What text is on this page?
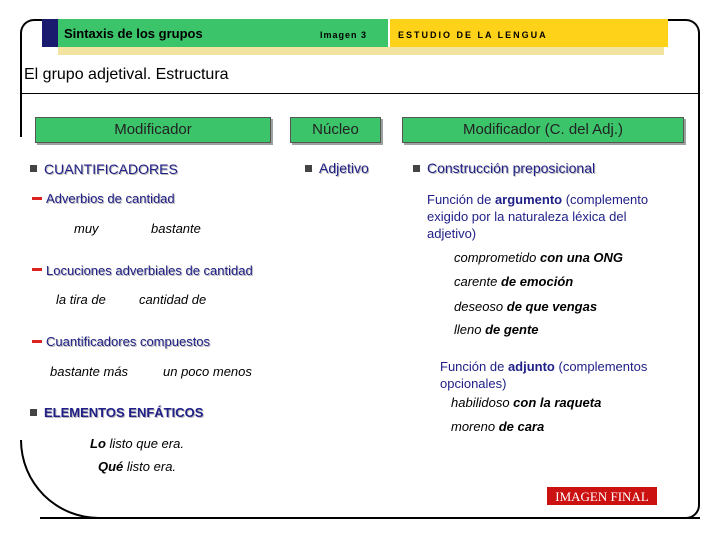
Sintaxis de los grupos	Imagen 3	ESTUDIO DE LA LENGUA
El grupo adjetival. Estructura
Modificador	Núcleo	Modificador (C. del Adj.)
CUANTIFICADORES
Adverbios de cantidad
muy	bastante
Locuciones adverbiales de cantidad
la tira de	cantidad de
Cuantificadores compuestos
bastante más	un poco menos
ELEMENTOS ENFÁTICOS
Lo listo que era.
Qué listo era.
Adjetivo	Construcción preposicional
Función de argumento (complemento exigido por la naturaleza léxica del adjetivo)
comprometido con una ONG
carente de emoción
deseoso de que vengas
lleno de gente
Función de adjunto (complementos opcionales)
habilidoso con la raqueta
moreno de cara
IMAGEN FINAL
